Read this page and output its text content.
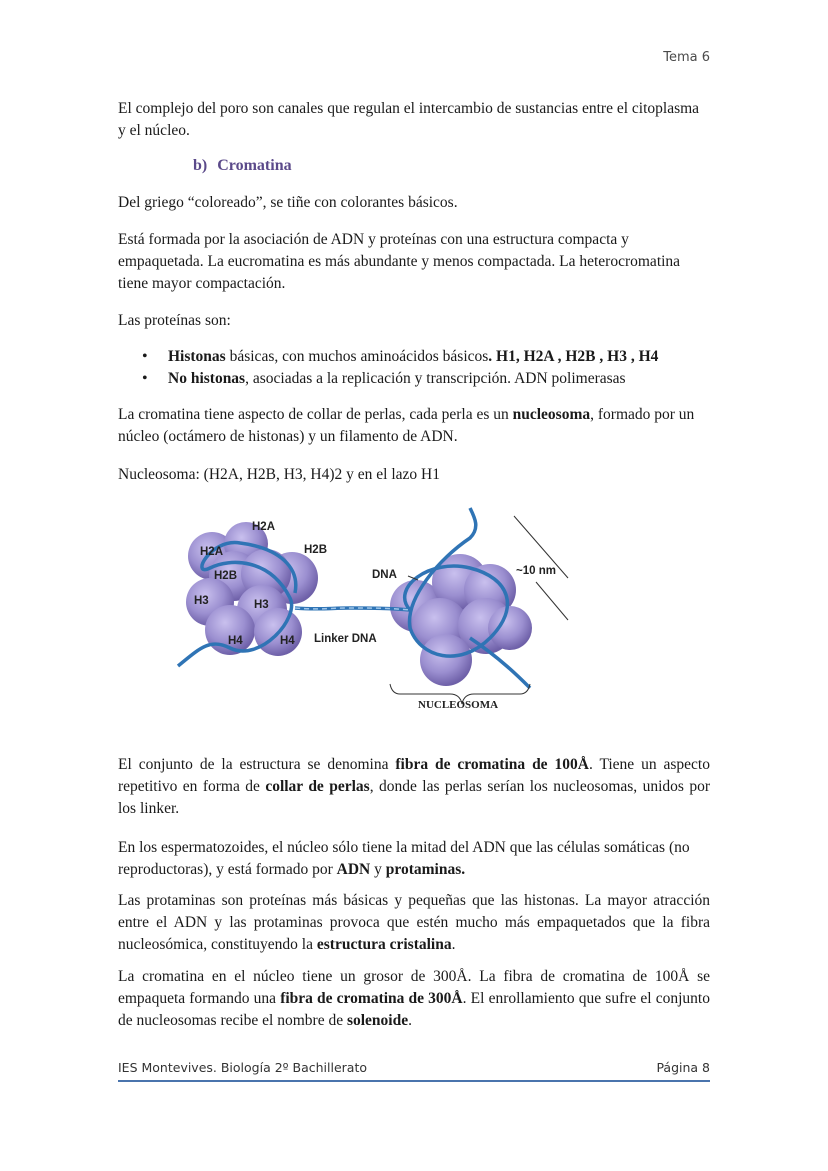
Tema 6

El complejo del poro son canales que regulan el intercambio de sustancias entre el citoplasma y el núcleo.

b) Cromatina

Del griego “coloreado”, se tiñe con colorantes básicos.

Está formada por la asociación de ADN y proteínas con una estructura compacta y empaquetada. La eucromatina es más abundante y menos compactada. La heterocromatina tiene mayor compactación.

Las proteínas son:

• Histonas básicas, con muchos aminoácidos básicos. H1, H2A , H2B , H3 , H4
• No histonas, asociadas a la replicación y transcripción. ADN polimerasas

La cromatina tiene aspecto de collar de perlas, cada perla es un nucleosoma, formado por un núcleo (octámero de histonas) y un filamento de ADN.

Nucleosoma: (H2A, H2B, H3, H4)2 y en el lazo H1

H2A
H2A	H2B
H2B
H3	H3
H4	H4 Linker DNA
DNA	~10 nm
NUCLEOSOMA

El conjunto de la estructura se denomina fibra de cromatina de 100Å. Tiene un aspecto repetitivo en forma de collar de perlas, donde las perlas serían los nucleosomas, unidos por los linker.

En los espermatozoides, el núcleo sólo tiene la mitad del ADN que las células somáticas (no reproductoras), y está formado por ADN y protaminas.

Las protaminas son proteínas más básicas y pequeñas que las histonas. La mayor atracción entre el ADN y las protaminas provoca que estén mucho más empaquetados que la fibra nucleosómica, constituyendo la estructura cristalina.

La cromatina en el núcleo tiene un grosor de 300Å. La fibra de cromatina de 100Å se empaqueta formando una fibra de cromatina de 300Å. El enrollamiento que sufre el conjunto de nucleosomas recibe el nombre de solenoide.

IES Montevives. Biología 2º Bachillerato	Página 8
